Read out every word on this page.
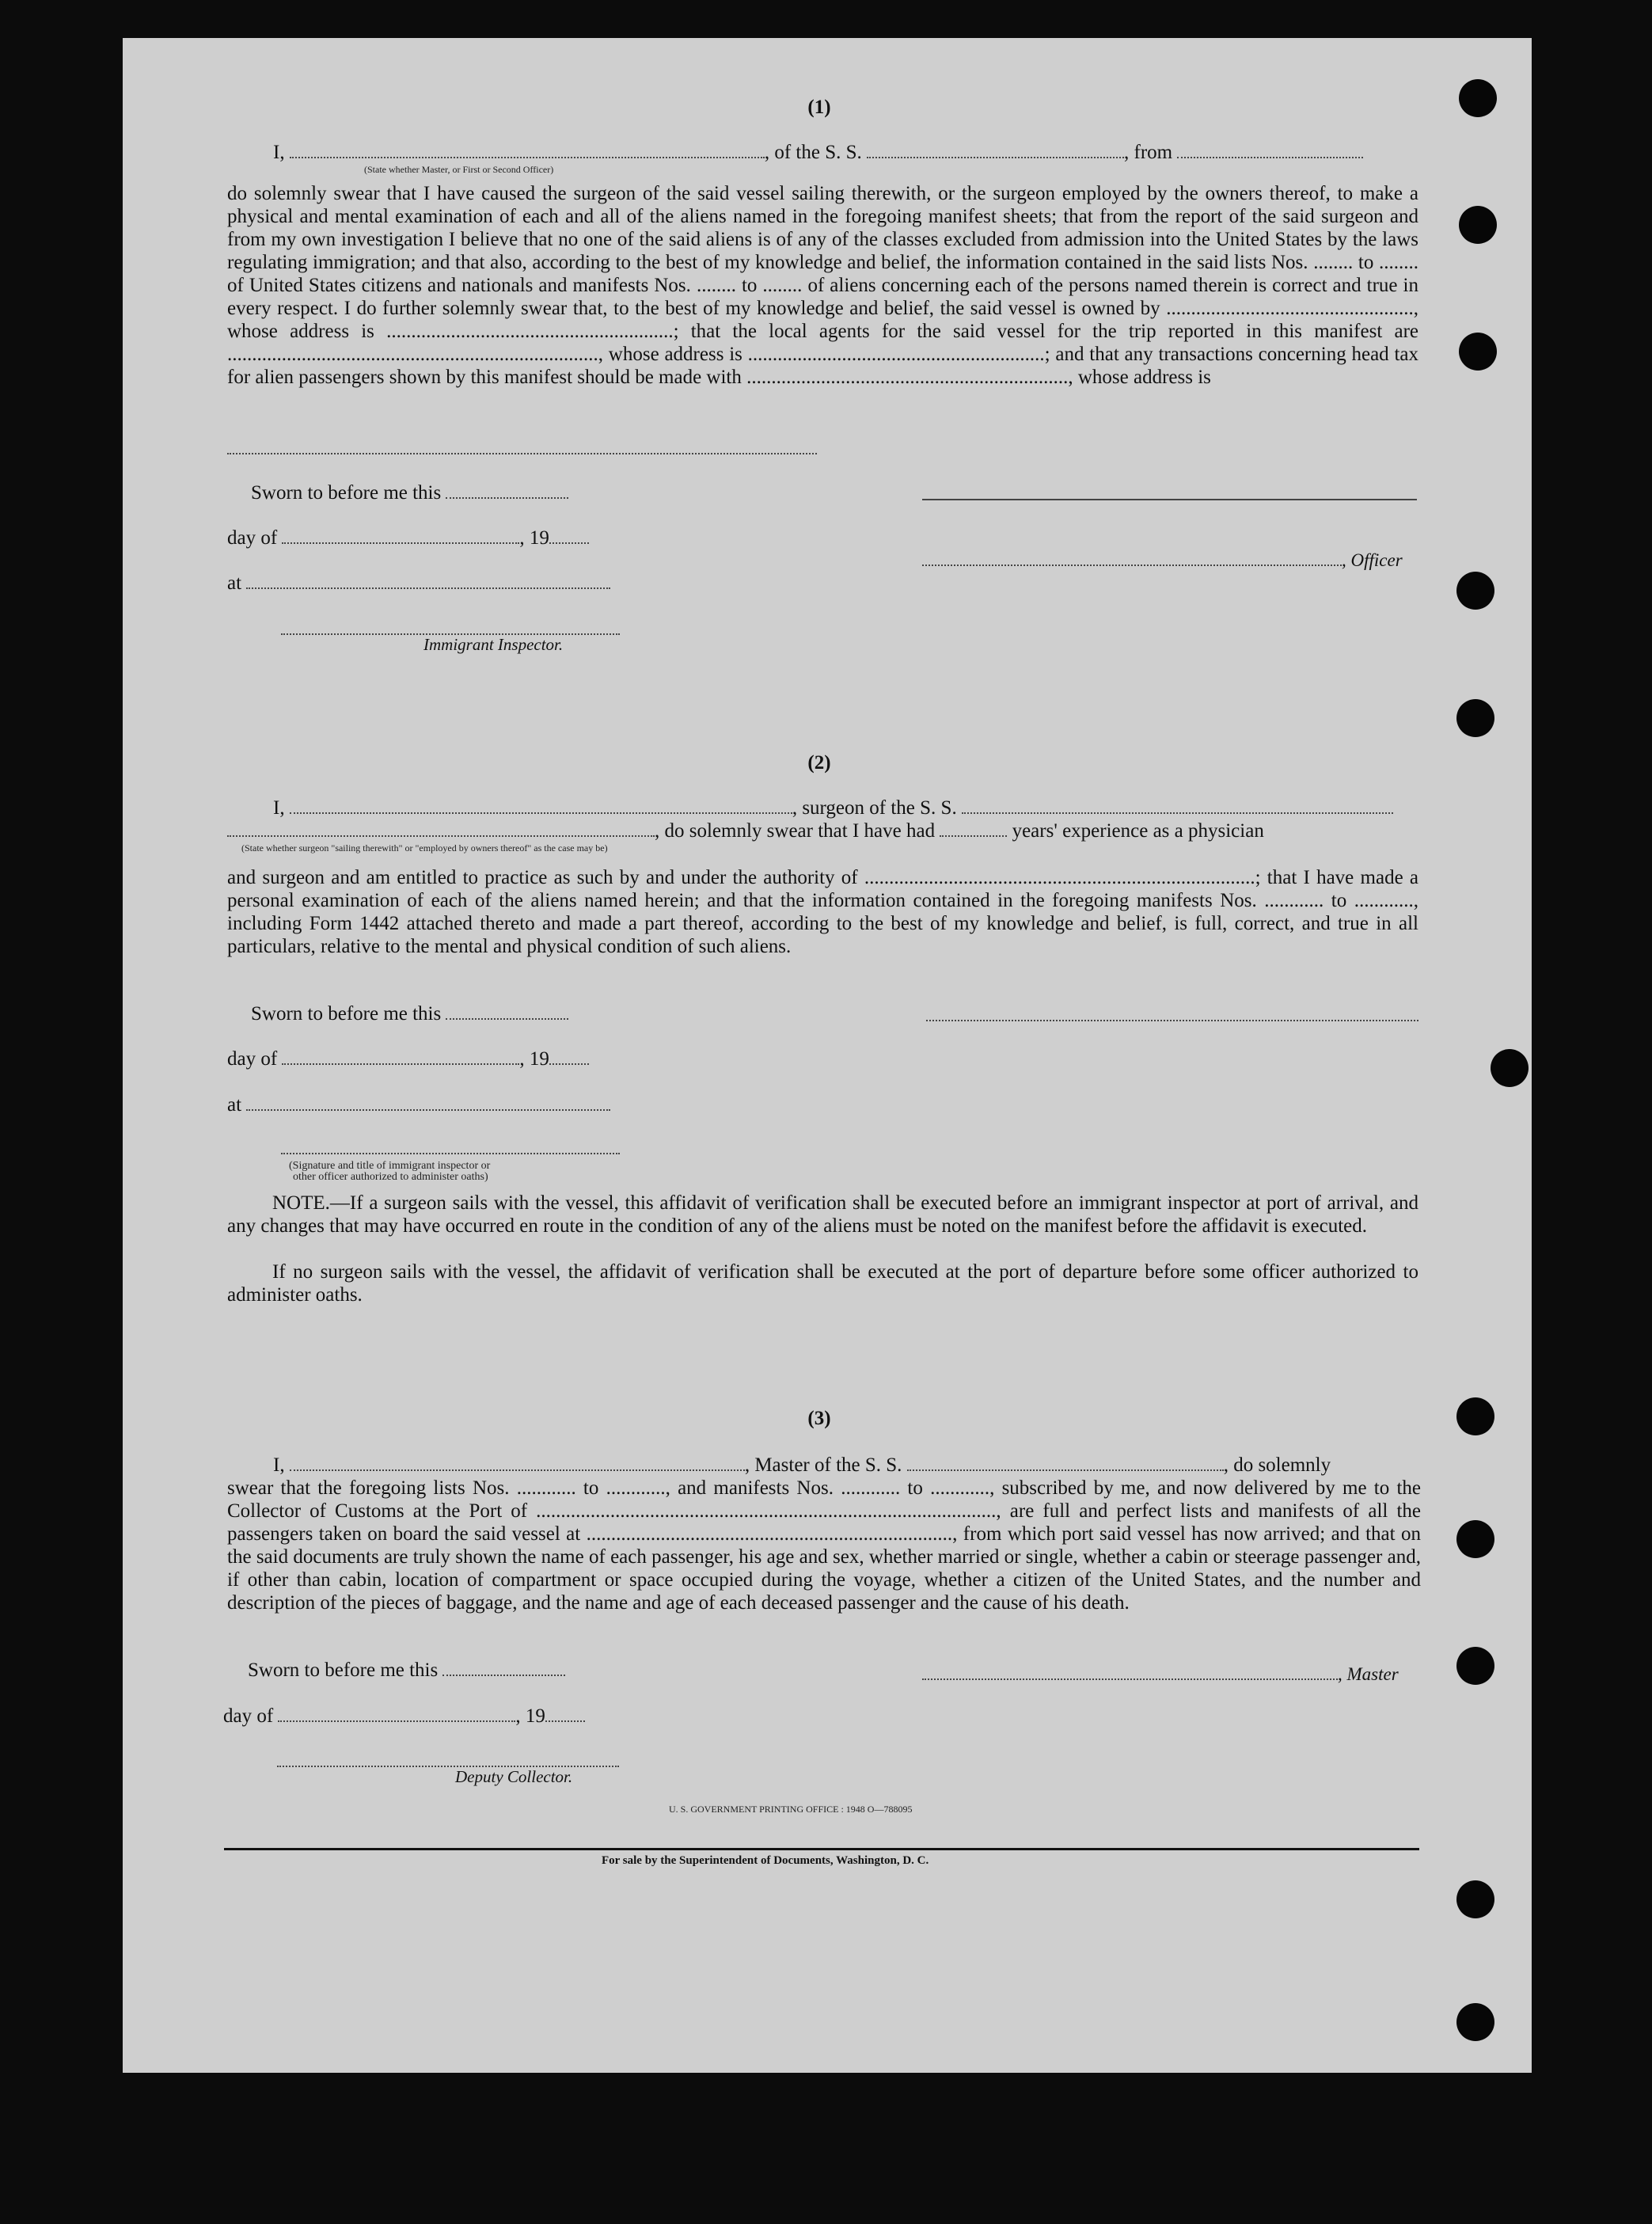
(1)
I,	, of the S. S.	, from
(State whether Master, or First or Second Officer)
do solemnly swear that I have caused the surgeon of the said vessel sailing therewith, or the surgeon employed by the owners thereof, to make a physical and mental examination of each and all of the aliens named in the foregoing manifest sheets; that from the report of the said surgeon and from my own investigation I believe that no one of the said aliens is of any of the classes excluded from admission into the United States by the laws regulating immigration; and that also, according to the best of my knowledge and belief, the information contained in the said lists Nos. ........ to ........ of United States citizens and nationals and manifests Nos. ........ to ........ of aliens concerning each of the persons named therein is correct and true in every respect. I do further solemnly swear that, to the best of my knowledge and belief, the said vessel is owned by .................................................., whose address is ..........................................................; that the local agents for the said vessel for the trip reported in this manifest are ..........................................................................., whose address is ............................................................; and that any transactions concerning head tax for alien passengers shown by this manifest should be made with ................................................................., whose address is
Sworn to before me this
day of	, 19
at
Immigrant Inspector.
, Officer
(2)
I,	, surgeon of the S. S.
, do solemnly swear that I have had	years' experience as a physician
(State whether surgeon "sailing therewith" or "employed by owners thereof" as the case may be)
and surgeon and am entitled to practice as such by and under the authority of ...............................................................................; that I have made a personal examination of each of the aliens named herein; and that the information contained in the foregoing manifests Nos. ............ to ............, including Form 1442 attached thereto and made a part thereof, according to the best of my knowledge and belief, is full, correct, and true in all particulars, relative to the mental and physical condition of such aliens.
Sworn to before me this
day of	, 19
at
(Signature and title of immigrant inspector or
other officer authorized to administer oaths)
NOTE.—If a surgeon sails with the vessel, this affidavit of verification shall be executed before an immigrant inspector at port of arrival, and any changes that may have occurred en route in the condition of any of the aliens must be noted on the manifest before the affidavit is executed.
If no surgeon sails with the vessel, the affidavit of verification shall be executed at the port of departure before some officer authorized to administer oaths.
(3)
I,	, Master of the S. S.	, do solemnly
swear that the foregoing lists Nos. ............ to ............, and manifests Nos. ............ to ............, subscribed by me, and now delivered by me to the Collector of Customs at the Port of ............................................................................................., are full and perfect lists and manifests of all the passengers taken on board the said vessel at .........................................................................., from which port said vessel has now arrived; and that on the said documents are truly shown the name of each passenger, his age and sex, whether married or single, whether a cabin or steerage passenger and, if other than cabin, location of compartment or space occupied during the voyage, whether a citizen of the United States, and the number and description of the pieces of baggage, and the name and age of each deceased passenger and the cause of his death.
Sworn to before me this
day of	, 19
Deputy Collector.
, Master
U. S. GOVERNMENT PRINTING OFFICE : 1948 O—788095
For sale by the Superintendent of Documents, Washington, D. C.
